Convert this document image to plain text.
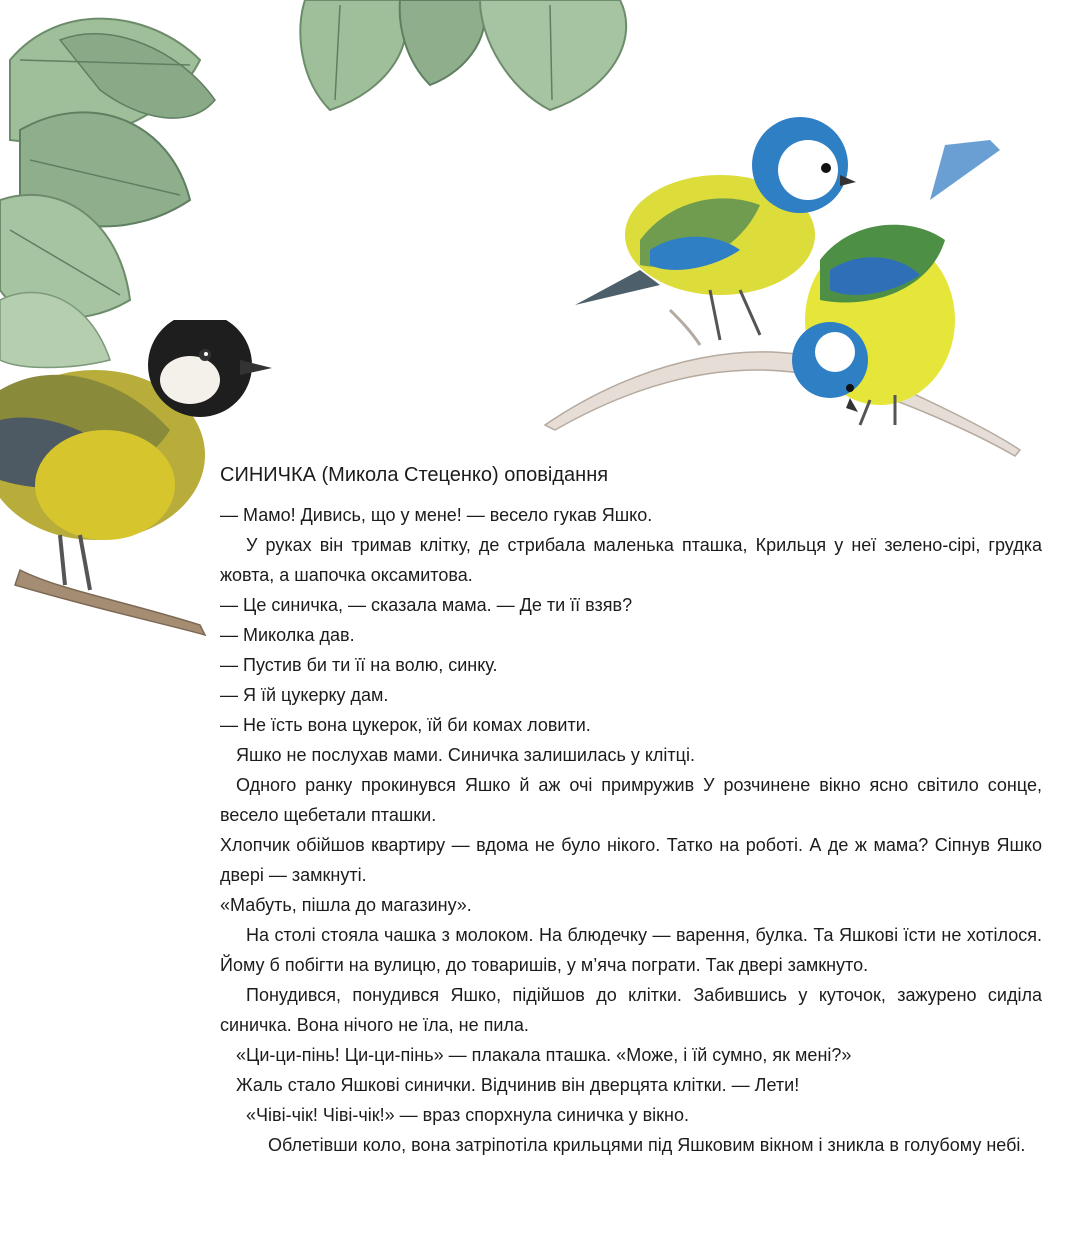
СИНИЧКА (Микола Стеценко) оповідання

— Мамо! Дивись, що у мене! — весело гукав Яшко.

У руках він тримав клітку, де стрибала маленька пташка, Крильця у неї зелено-сірі, грудка жовта, а шапочка оксамитова.

— Це синичка, — сказала мама. — Де ти її взяв?

— Миколка дав.

— Пустив би ти її на волю, синку.

— Я їй цукерку дам.

— Не їсть вона цукерок, їй би комах ловити.

Яшко не послухав мами. Синичка залишилась у клітці.

Одного ранку прокинувся Яшко й аж очі примружив У розчинене вікно ясно світило сонце, весело щебетали пташки.

Хлопчик обійшов квартиру — вдома не було нікого. Татко на роботі. А де ж мама? Сіпнув Яшко двері — замкнуті.

«Мабуть, пішла до магазину».

На столі стояла чашка з молоком. На блюдечку — варення, булка. Та Яшкові їсти не хотілося. Йому б побігти на вулицю, до товаришів, у м’яча пограти. Так двері замкнуто.

Понудився, понудився Яшко, підійшов до клітки. Забившись у куточок, зажурено сиділа синичка. Вона нічого не їла, не пила.

«Ци-ци-пінь! Ци-ци-пінь» — плакала пташка. «Може, і їй сумно, як мені?»

Жаль стало Яшкові синички. Відчинив він дверцята клітки. — Лети!

«Чіві-чік! Чіві-чік!» — враз спорхнула синичка у вікно.

Облетівши коло, вона затріпотіла крильцями під Яшковим вікном і зникла в голубому небі.
